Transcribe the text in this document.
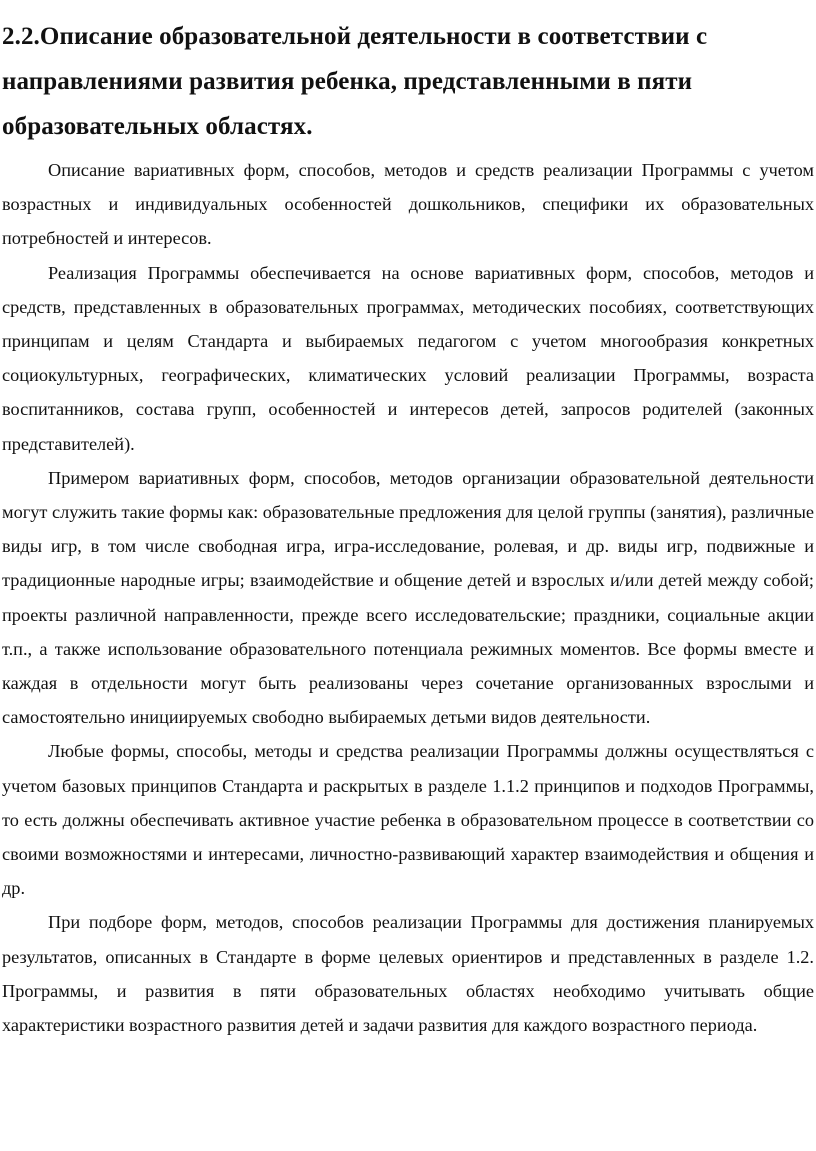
2.2.Описание образовательной деятельности в соответствии с направлениями развития ребенка, представленными в пяти образовательных областях.

Описание вариативных форм, способов, методов и средств реализации Программы с учетом возрастных и индивидуальных особенностей дошкольников, специфики их образовательных потребностей и интересов.

Реализация Программы обеспечивается на основе вариативных форм, способов, методов и средств, представленных в образовательных программах, методических пособиях, соответствующих принципам и целям Стандарта и выбираемых педагогом с учетом многообразия конкретных социокультурных, географических, климатических условий реализации Программы, возраста воспитанников, состава групп, особенностей и интересов детей, запросов родителей (законных представителей).

Примером вариативных форм, способов, методов организации образовательной деятельности могут служить такие формы как: образовательные предложения для целой группы (занятия), различные виды игр, в том числе свободная игра, игра-исследование, ролевая, и др. виды игр, подвижные и традиционные народные игры; взаимодействие и общение детей и взрослых и/или детей между собой; проекты различной направленности, прежде всего исследовательские; праздники, социальные акции т.п., а также использование образовательного потенциала режимных моментов. Все формы вместе и каждая в отдельности могут быть реализованы через сочетание организованных взрослыми и самостоятельно инициируемых свободно выбираемых детьми видов деятельности.

Любые формы, способы, методы и средства реализации Программы должны осуществляться с учетом базовых принципов Стандарта и раскрытых в разделе 1.1.2 принципов и подходов Программы, то есть должны обеспечивать активное участие ребенка в образовательном процессе в соответствии со своими возможностями и интересами, личностно-развивающий характер взаимодействия и общения и др.

При подборе форм, методов, способов реализации Программы для достижения планируемых результатов, описанных в Стандарте в форме целевых ориентиров и представленных в разделе 1.2. Программы, и развития в пяти образовательных областях необходимо учитывать общие характеристики возрастного развития детей и задачи развития для каждого возрастного периода.
